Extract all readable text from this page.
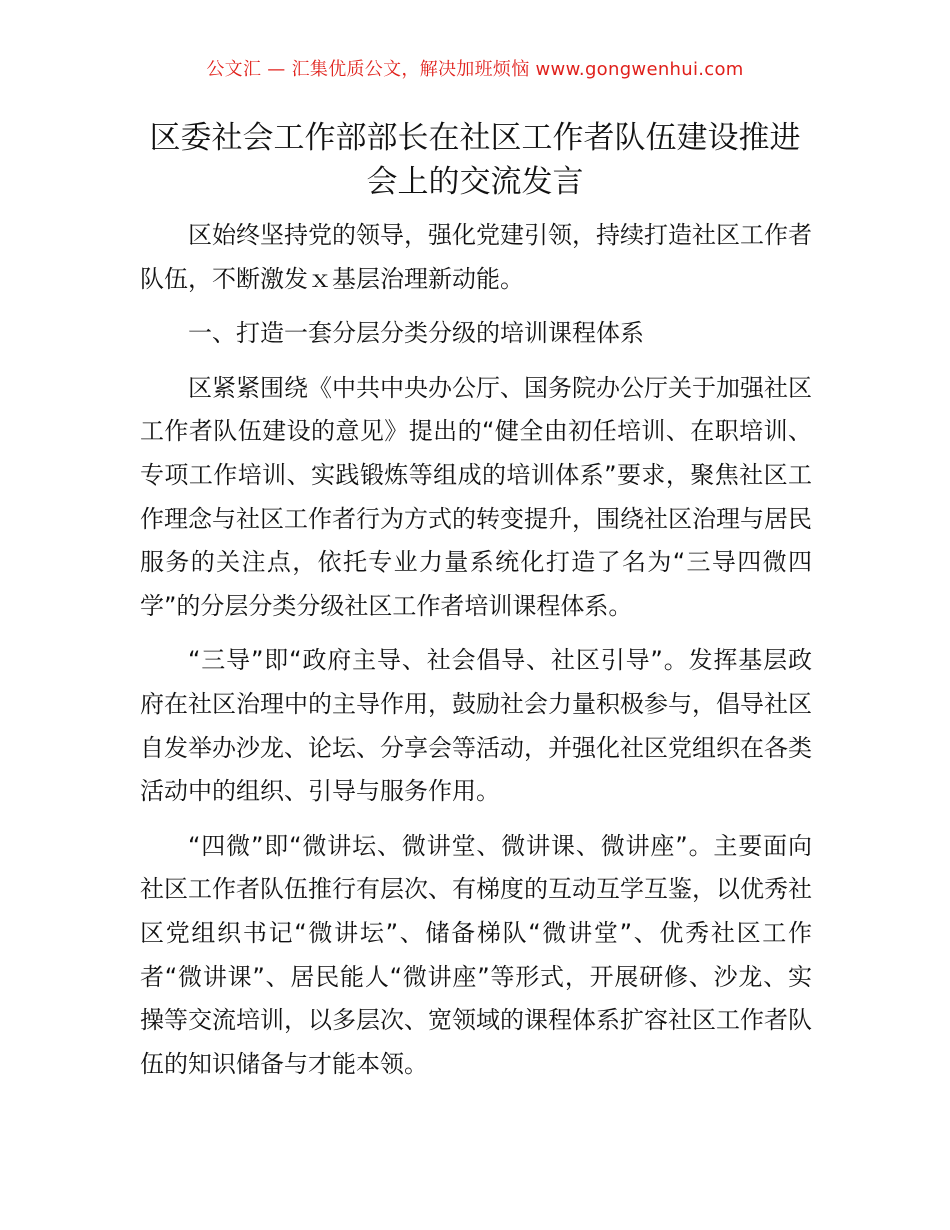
公文汇 — 汇集优质公文，解决加班烦恼 www.gongwenhui.com
区委社会工作部部长在社区工作者队伍建设推进会上的交流发言

区始终坚持党的领导，强化党建引领，持续打造社区工作者队伍，不断激发ｘ基层治理新动能。

一、打造一套分层分类分级的培训课程体系

区紧紧围绕《中共中央办公厅、国务院办公厅关于加强社区工作者队伍建设的意见》提出的“健全由初任培训、在职培训、专项工作培训、实践锻炼等组成的培训体系”要求，聚焦社区工作理念与社区工作者行为方式的转变提升，围绕社区治理与居民服务的关注点，依托专业力量系统化打造了名为“三导四微四学”的分层分类分级社区工作者培训课程体系。

“三导”即“政府主导、社会倡导、社区引导”。发挥基层政府在社区治理中的主导作用，鼓励社会力量积极参与，倡导社区自发举办沙龙、论坛、分享会等活动，并强化社区党组织在各类活动中的组织、引导与服务作用。

“四微”即“微讲坛、微讲堂、微讲课、微讲座”。主要面向社区工作者队伍推行有层次、有梯度的互动互学互鉴，以优秀社区党组织书记“微讲坛”、储备梯队“微讲堂”、优秀社区工作者“微讲课”、居民能人“微讲座”等形式，开展研修、沙龙、实操等交流培训，以多层次、宽领域的课程体系扩容社区工作者队伍的知识储备与才能本领。
